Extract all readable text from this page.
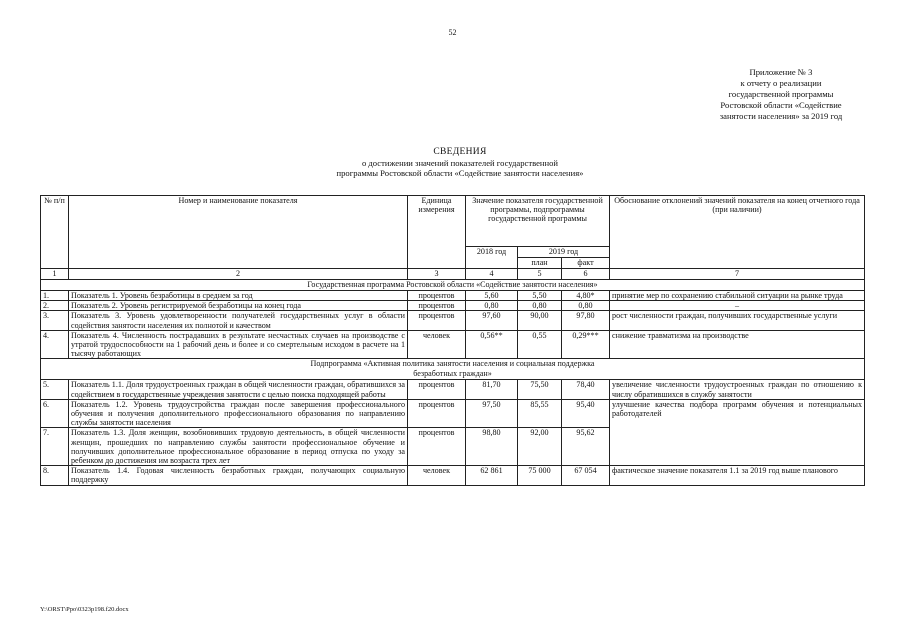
52
Приложение № 3
к отчету о реализации
государственной программы
Ростовской области «Содействие
занятости населения» за 2019 год
СВЕДЕНИЯ
о достижении значений показателей государственной
программы Ростовской области «Содействие занятости населения»
№ п/п	Номер и наименование показателя	Единица измерения	Значение показателя государственной программы, подпрограммы государственной программы			Обоснование отклонений значений показателя на конец отчетного года (при наличии)
			2018 год	2019 год		
				план	факт	
1	2	3	4	5	6	7
Государственная программа Ростовской области «Содействие занятости населения»						
1.	Показатель 1. Уровень безработицы в среднем за год	процентов	5,60	5,50	4,80*	принятие мер по сохранению стабильной ситуации на рынке труда
2.	Показатель 2. Уровень регистрируемой безработицы на конец года	процентов	0,80	0,80	0,80	–
3.	Показатель 3. Уровень удовлетворенности получателей государственных услуг в области содействия занятости населения их полнотой и качеством	процентов	97,60	90,00	97,80	рост численности граждан, получивших государственные услуги
4.	Показатель 4. Численность пострадавших в результате несчастных случаев на производстве с утратой трудоспособности на 1 рабочий день и более и со смертельным исходом в расчете на 1 тысячу работающих	человек	0,56**	0,55	0,29***	снижение травматизма на производстве
Подпрограмма «Активная политика занятости населения и социальная поддержка безработных граждан»						
5.	Показатель 1.1. Доля трудоустроенных граждан в общей численности граждан, обратившихся за содействием в государственные учреждения занятости с целью поиска подходящей работы	процентов	81,70	75,50	78,40	увеличение численности трудоустроенных граждан по отношению к числу обратившихся в службу занятости
6.	Показатель 1.2. Уровень трудоустройства граждан после завершения профессионального обучения и получения дополнительного профессионального образования по направлению службы занятости населения	процентов	97,50	85,55	95,40	улучшение качества подбора программ обучения и потенциальных работодателей
7.	Показатель 1.3. Доля женщин, возобновивших трудовую деятельность, в общей численности женщин, прошедших по направлению службы занятости профессиональное обучение и получивших дополнительное профессиональное образование в период отпуска по уходу за ребенком до достижения им возраста трех лет	процентов	98,80	92,00	95,62	
8.	Показатель 1.4. Годовая численность безработных граждан, получающих социальную поддержку	человек	62 861	75 000	67 054	фактическое значение показателя 1.1 за 2019 год выше планового
Y:\ORST\Ppo\0323p198.f20.docx
